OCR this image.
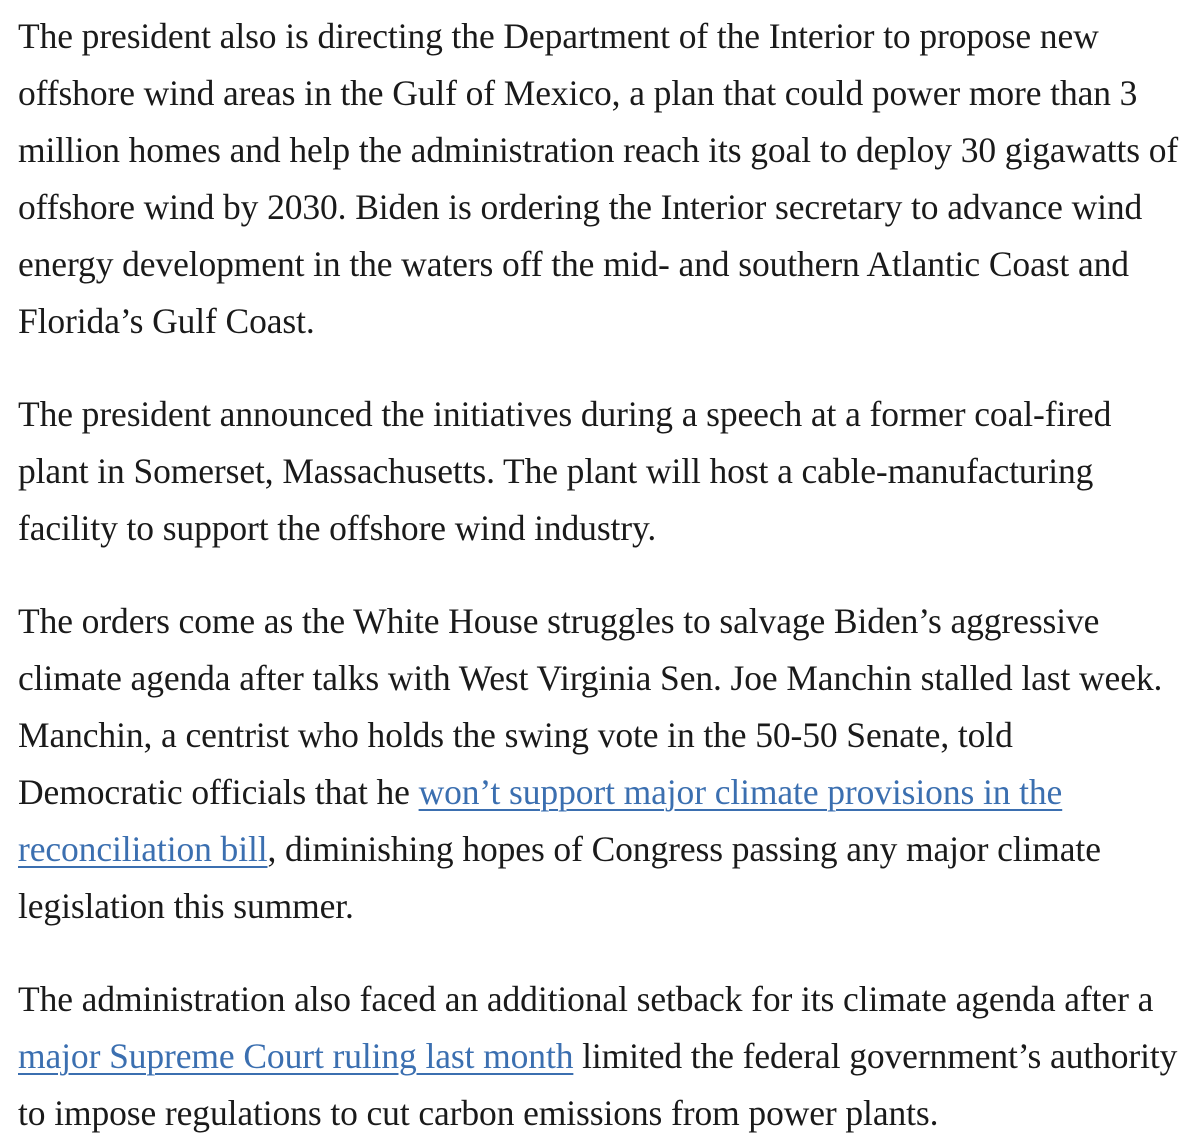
The president also is directing the Department of the Interior to propose new offshore wind areas in the Gulf of Mexico, a plan that could power more than 3 million homes and help the administration reach its goal to deploy 30 gigawatts of offshore wind by 2030. Biden is ordering the Interior secretary to advance wind energy development in the waters off the mid- and southern Atlantic Coast and Florida’s Gulf Coast.

The president announced the initiatives during a speech at a former coal-fired plant in Somerset, Massachusetts. The plant will host a cable-manufacturing facility to support the offshore wind industry.

The orders come as the White House struggles to salvage Biden’s aggressive climate agenda after talks with West Virginia Sen. Joe Manchin stalled last week. Manchin, a centrist who holds the swing vote in the 50-50 Senate, told Democratic officials that he won’t support major climate provisions in the reconciliation bill, diminishing hopes of Congress passing any major climate legislation this summer.

The administration also faced an additional setback for its climate agenda after a major Supreme Court ruling last month limited the federal government’s authority to impose regulations to cut carbon emissions from power plants.
